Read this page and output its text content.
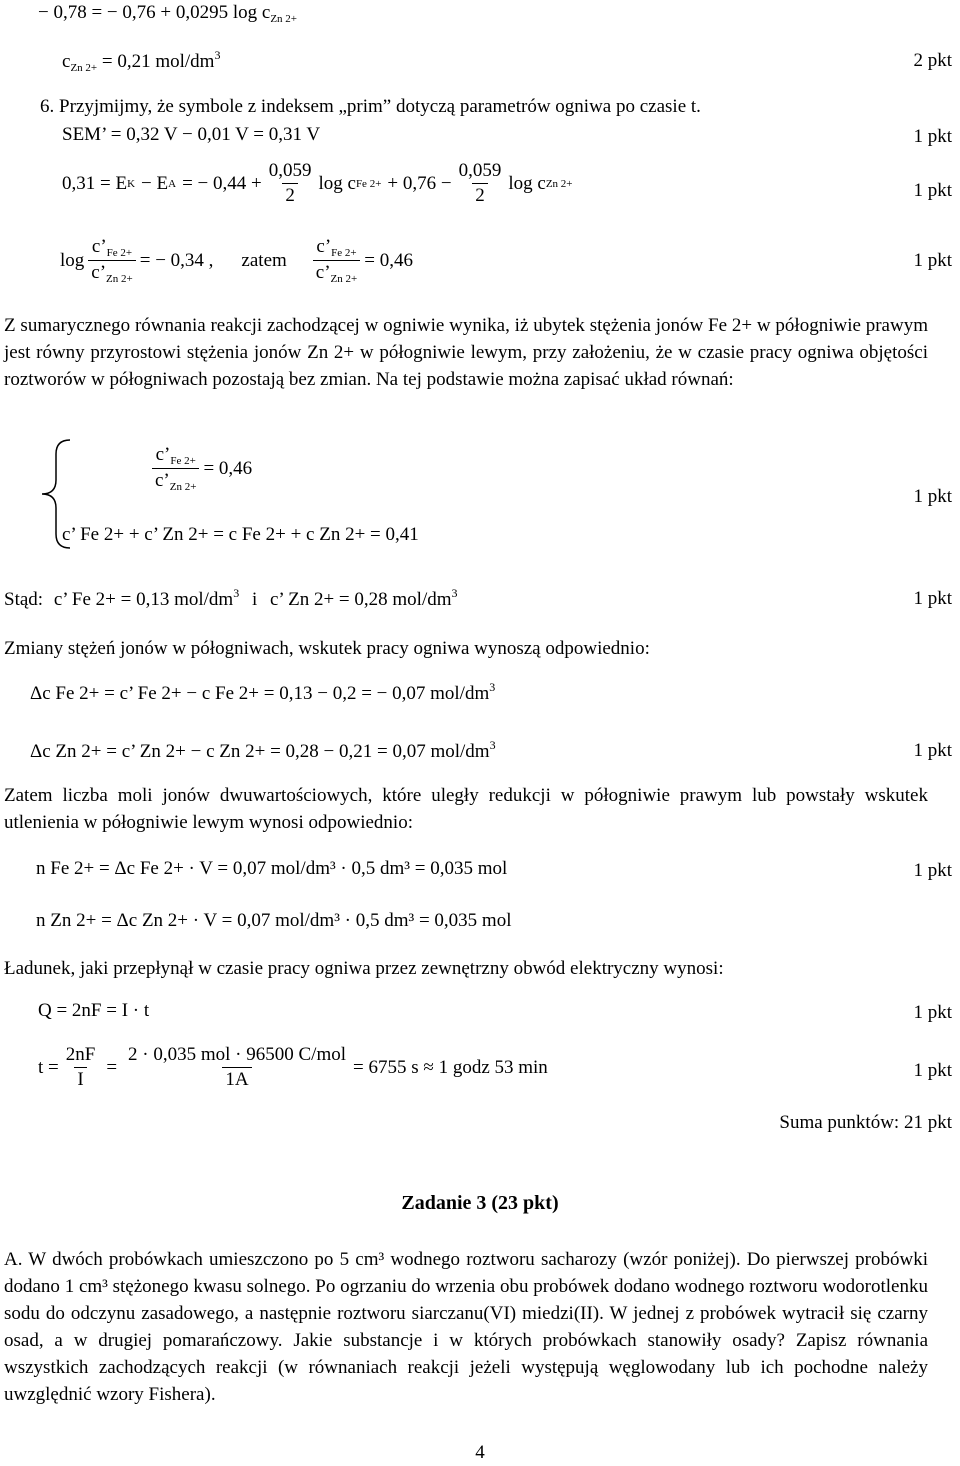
− 0,78 = − 0,76 + 0,0295 $\log c_{Zn 2+}$
$c_{Zn 2+} = 0,21$ mol/$dm^3$	2 pkt
6. Przyjmijmy, że symbole z indeksem „prim” dotyczą parametrów ogniwa po czasie t.
SEM’ = 0,32 V − 0,01 V = 0,31 V	1 pkt
0,31 = E K − E A = − $0,44 + \frac{0,059}{2}$ log c Fe $2+ + 0,76 - \frac{0,059}{2}$ log c Zn 2+	1 pkt
$\log \frac{c’_{Fe 2+}}{c’_{Zn 2+}}$ = − 0,34 , zatem $\frac{c’_{Fe 2+}}{c’_{Zn 2+}} = 0,46$	1 pkt
Z sumarycznego równania reakcji zachodzącej w ogniwie wynika, iż ubytek stężenia jonów Fe 2+ w półogniwie prawym jest równy przyrostowi stężenia jonów Zn 2+ w półogniwie lewym, przy założeniu, że w czasie pracy ogniwa objętości roztworów w półogniwach pozostają bez zmian. Na tej podstawie można zapisać układ równań:
$\frac{c’_{Fe 2+}}{c’_{Zn 2+}} = 0,46$
c’ Fe 2+ + c’ Zn 2+ = c Fe 2+ + c Zn 2+ = 0,41
1 pkt
Stąd: c’ Fe 2+ = 0,13 mol/$dm^3$ i c’ Zn 2+ = 0,28 mol/$dm^3$	1 pkt
Zmiany stężeń jonów w półogniwach, wskutek pracy ogniwa wynoszą odpowiednio:
Δc Fe 2+ = c’ Fe 2+ − c Fe 2+ = 0,13 − 0,2 = − 0,07 mol/$dm^3$
Δc Zn 2+ = c’ Zn 2+ − c Zn 2+ = 0,28 − 0,21 = 0,07 mol/$dm^3$	1 pkt
Zatem liczba moli jonów dwuwartościowych, które uległy redukcji w półogniwie prawym lub powstały wskutek utlenienia w półogniwie lewym wynosi odpowiednio:
n Fe 2+ = Δc Fe 2+ · V = 0,07 mol/dm³ · 0,5 dm³ = 0,035 mol	1 pkt
n Zn 2+ = Δc Zn 2+ · V = 0,07 mol/dm³ · 0,5 dm³ = 0,035 mol
Ładunek, jaki przepłynął w czasie pracy ogniwa przez zewnętrzny obwód elektryczny wynosi:
Q = 2nF = I · t	1 pkt
$t = \frac{2nF}{I} = \frac{\text{2 · 0,035 mol · 96500 C/mol}}{1A} = 6755$ s ≈ 1 godz 53 min	1 pkt
Suma punktów: 21 pkt
Zadanie 3 (23 pkt)
A. W dwóch probówkach umieszczono po 5 cm³ wodnego roztworu sacharozy (wzór poniżej). Do pierwszej probówki dodano 1 cm³ stężonego kwasu solnego. Po ogrzaniu do wrzenia obu probówek dodano wodnego roztworu wodorotlenku sodu do odczynu zasadowego, a następnie roztworu siarczanu(VI) miedzi(II). W jednej z probówek wytracił się czarny osad, a w drugiej pomarańczowy. Jakie substancje i w których probówkach stanowiły osady? Zapisz równania wszystkich zachodzących reakcji (w równaniach reakcji jeżeli występują węglowodany lub ich pochodne należy uwzględnić wzory Fishera).
4
